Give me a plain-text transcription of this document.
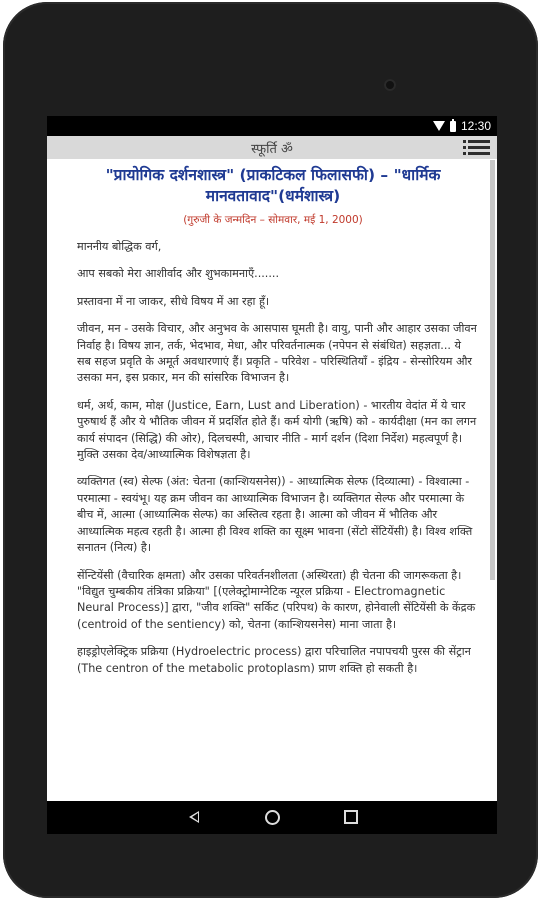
12:30
स्फूर्ति ॐ
"प्रायोगिक दर्शनशास्त्र" (प्राकटिकल फिलासफी) – "धार्मिक मानवतावाद"(धर्मशास्त्र)
(गुरुजी के जन्मदिन – सोमवार, मई 1, 2000)

माननीय बोद्धिक वर्ग,

आप सबको मेरा आशीर्वाद और शुभकामनाएँ.......

प्रस्तावना में ना जाकर, सीधे विषय में आ रहा हूँ।

जीवन, मन - उसके विचार, और अनुभव के आसपास घूमती है। वायु, पानी और आहार उसका जीवन निर्वाह है। विषय ज्ञान, तर्क, भेदभाव, मेधा, और परिवर्तनात्मक (नपेपन से संबंधित) सहज्ञता... ये सब सहज प्रवृति के अमूर्त अवधारणाएं हैं। प्रकृति - परिवेश - परिस्थितियाँ - इंद्रिय - सेन्सोरियम और उसका मन, इस प्रकार, मन की सांसरिक विभाजन है।

धर्म, अर्थ, काम, मोक्ष (Justice, Earn, Lust and Liberation) - भारतीय वेदांत में ये चार पुरुषार्थ हैं और ये भौतिक जीवन में प्रदर्शित होते हैं। कर्म योगी (ऋषि) को - कार्यदीक्षा (मन का लगन कार्य संपादन (सिद्धि) की ओर), दिलचस्पी, आचार नीति - मार्ग दर्शन (दिशा निर्देश) महत्वपूर्ण है। मुक्ति उसका देव/आध्यात्मिक विशेषज्ञता है।

व्यक्तिगत (स्व) सेल्फ (अंत: चेतना (कान्शियसनेस)) - आध्यात्मिक सेल्फ (दिव्यात्मा) - विश्वात्मा - परमात्मा - स्वयंभू। यह क्रम जीवन का आध्यात्मिक विभाजन है। व्यक्तिगत सेल्फ और परमात्मा के बीच में, आत्मा (आध्यात्मिक सेल्फ) का अस्तित्व रहता है। आत्मा को जीवन में भौतिक और आध्यात्मिक महत्व रहती है। आत्मा ही विश्व शक्ति का सूक्ष्म भावना (सेंटो सेंटियेंसी) है। विश्व शक्ति सनातन (नित्य) है।

सेंन्टियेंसी (वैचारिक क्षमता) और उसका परिवर्तनशीलता (अस्थिरता) ही चेतना की जागरूकता है। "विद्युत चुम्बकीय तंत्रिका प्रक्रिया" [(एलेक्ट्रोमाग्नेटिक न्यूरल प्रक्रिया - Electromagnetic Neural Process)] द्वारा, "जीव शक्ति" सर्किट (परिपथ) के कारण, होनेवाली सेंटियेंसी के केंद्रक (centroid of the sentiency) को, चेतना (कान्शियसनेस) माना जाता है।

हाइड्रोएलेक्ट्रिक प्रक्रिया (Hydroelectric process) द्वारा परिचालित नपापचयी पुरस की सेंट्रान (The centron of the metabolic protoplasm) प्राण शक्ति हो सकती है।
